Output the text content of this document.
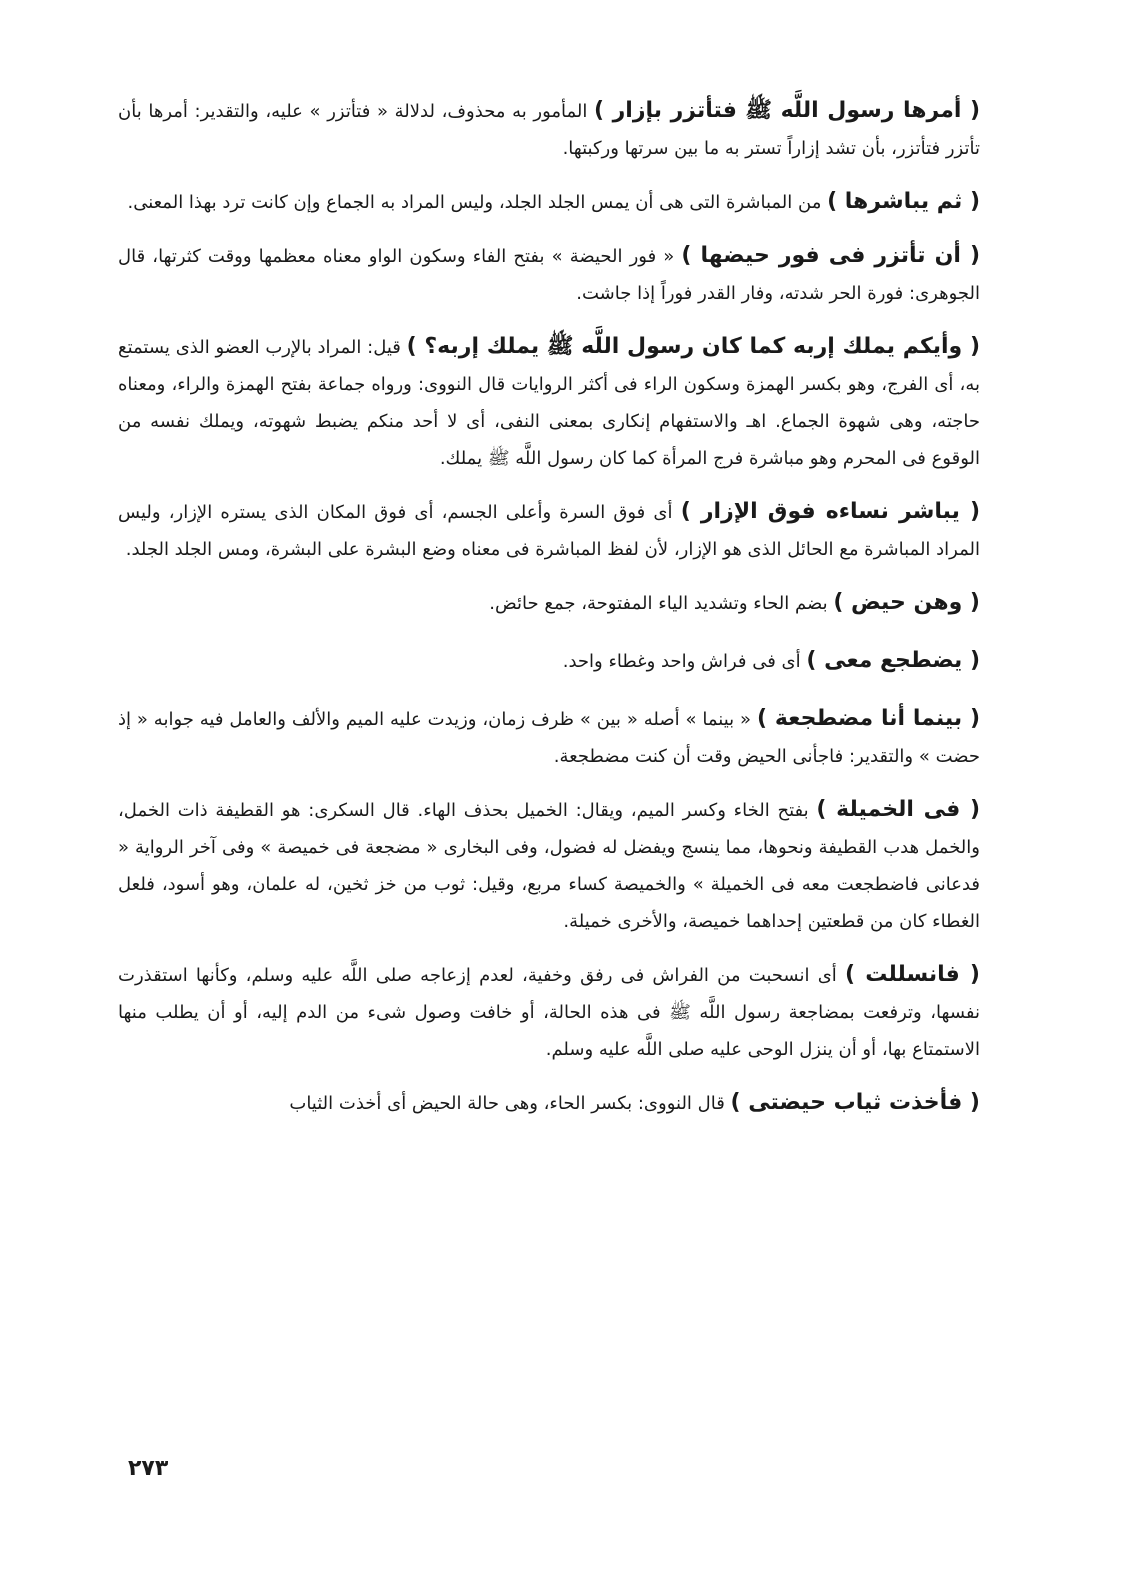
( أمرها رسول اللَّه ﷺ فتأتزر بإزار ) المأمور به محذوف، لدلالة « فتأتزر » عليه، والتقدير: أمرها بأن تأتزر فتأتزر، بأن تشد إزاراً تستر به ما بين سرتها وركبتها.

( ثم يباشرها ) من المباشرة التى هى أن يمس الجلد الجلد، وليس المراد به الجماع وإن كانت ترد بهذا المعنى.

( أن تأتزر فى فور حيضها ) « فور الحيضة » بفتح الفاء وسكون الواو معناه معظمها ووقت كثرتها، قال الجوهرى: فورة الحر شدته، وفار القدر فوراً إذا جاشت.

( وأيكم يملك إربه كما كان رسول اللَّه ﷺ يملك إربه؟ ) قيل: المراد بالإرب العضو الذى يستمتع به، أى الفرج، وهو بكسر الهمزة وسكون الراء فى أكثر الروايات قال النووى: ورواه جماعة بفتح الهمزة والراء، ومعناه حاجته، وهى شهوة الجماع. اهـ والاستفهام إنكارى بمعنى النفى، أى لا أحد منكم يضبط شهوته، ويملك نفسه من الوقوع فى المحرم وهو مباشرة فرج المرأة كما كان رسول اللَّه ﷺ يملك.

( يباشر نساءه فوق الإزار ) أى فوق السرة وأعلى الجسم، أى فوق المكان الذى يستره الإزار، وليس المراد المباشرة مع الحائل الذى هو الإزار، لأن لفظ المباشرة فى معناه وضع البشرة على البشرة، ومس الجلد الجلد.

( وهن حيض ) بضم الحاء وتشديد الياء المفتوحة، جمع حائض.

( يضطجع معى ) أى فى فراش واحد وغطاء واحد.

( بينما أنا مضطجعة ) « بينما » أصله « بين » ظرف زمان، وزيدت عليه الميم والألف والعامل فيه جوابه « إذ حضت » والتقدير: فاجأنى الحيض وقت أن كنت مضطجعة.

( فى الخميلة ) بفتح الخاء وكسر الميم، ويقال: الخميل بحذف الهاء. قال السكرى: هو القطيفة ذات الخمل، والخمل هدب القطيفة ونحوها، مما ينسج ويفضل له فضول، وفى البخارى « مضجعة فى خميصة » وفى آخر الرواية « فدعانى فاضطجعت معه فى الخميلة » والخميصة كساء مربع، وقيل: ثوب من خز ثخين، له علمان، وهو أسود، فلعل الغطاء كان من قطعتين إحداهما خميصة، والأخرى خميلة.

( فانسللت ) أى انسحبت من الفراش فى رفق وخفية، لعدم إزعاجه صلى اللَّه عليه وسلم، وكأنها استقذرت نفسها، وترفعت بمضاجعة رسول اللَّه ﷺ فى هذه الحالة، أو خافت وصول شىء من الدم إليه، أو أن يطلب منها الاستمتاع بها، أو أن ينزل الوحى عليه صلى اللَّه عليه وسلم.

( فأخذت ثياب حيضتى ) قال النووى: بكسر الحاء، وهى حالة الحيض أى أخذت الثياب

٢٧٣
